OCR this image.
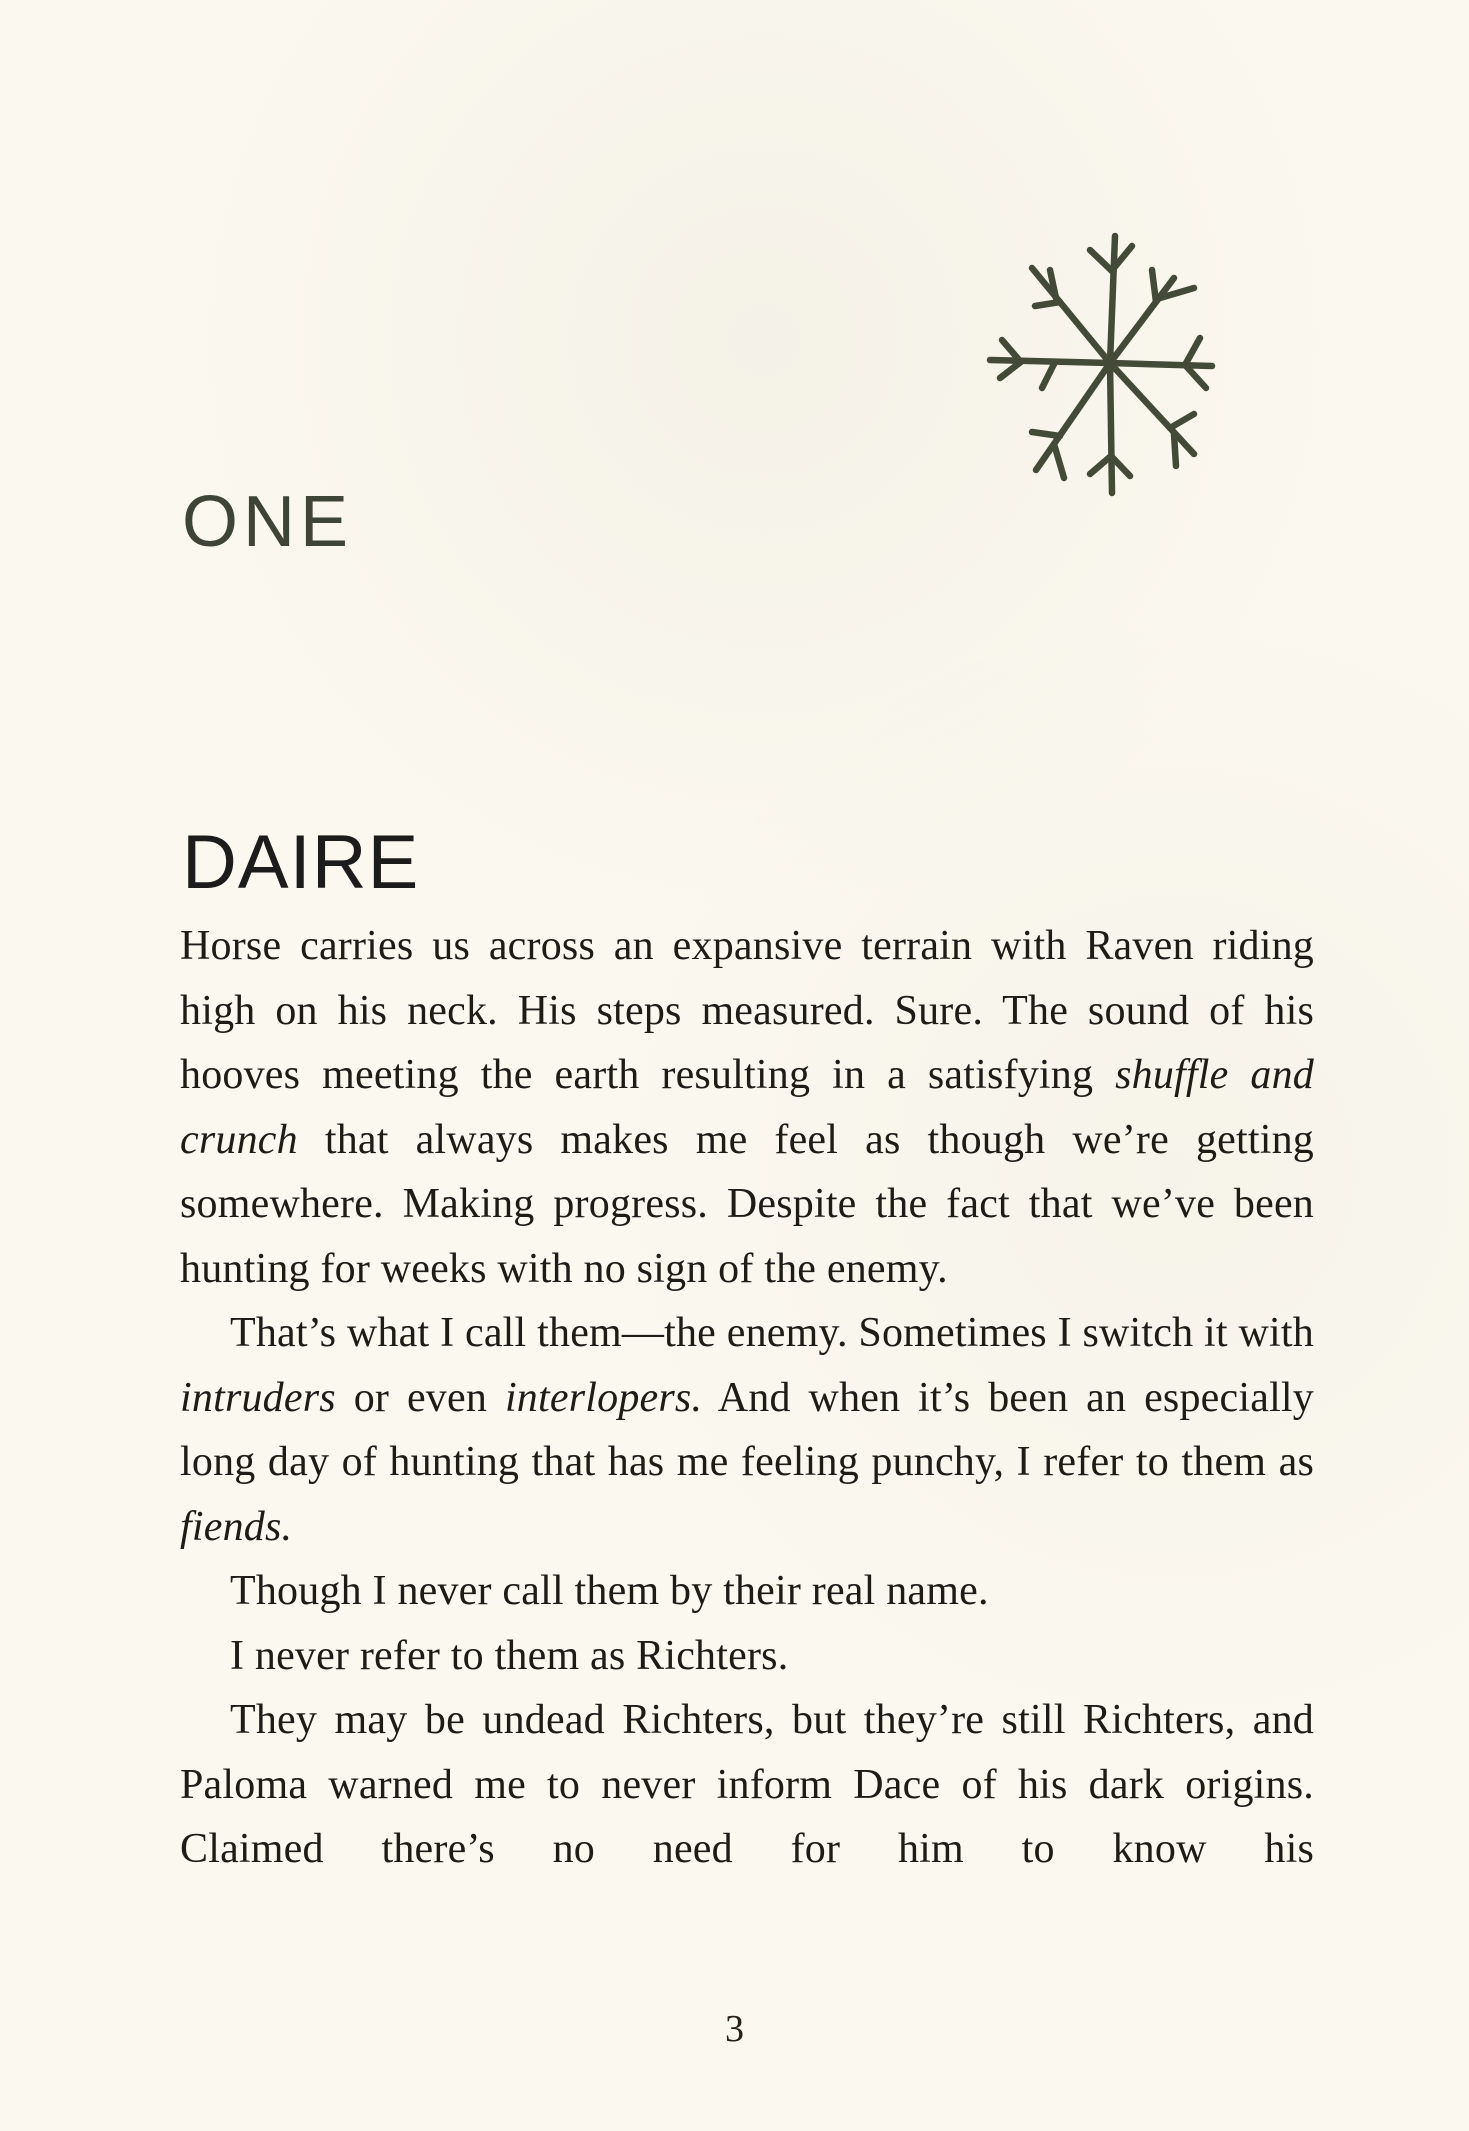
ONE
DAIRE

Horse carries us across an expansive terrain with Raven riding high on his neck. His steps measured. Sure. The sound of his hooves meeting the earth resulting in a satisfying shuffle and crunch that always makes me feel as though we’re getting somewhere. Making progress. Despite the fact that we’ve been hunting for weeks with no sign of the enemy.

That’s what I call them—the enemy. Sometimes I switch it with intruders or even interlopers. And when it’s been an especially long day of hunting that has me feeling punchy, I refer to them as fiends.

Though I never call them by their real name.

I never refer to them as Richters.

They may be undead Richters, but they’re still Richters, and Paloma warned me to never inform Dace of his dark origins. Claimed there’s no need for him to know his

3
